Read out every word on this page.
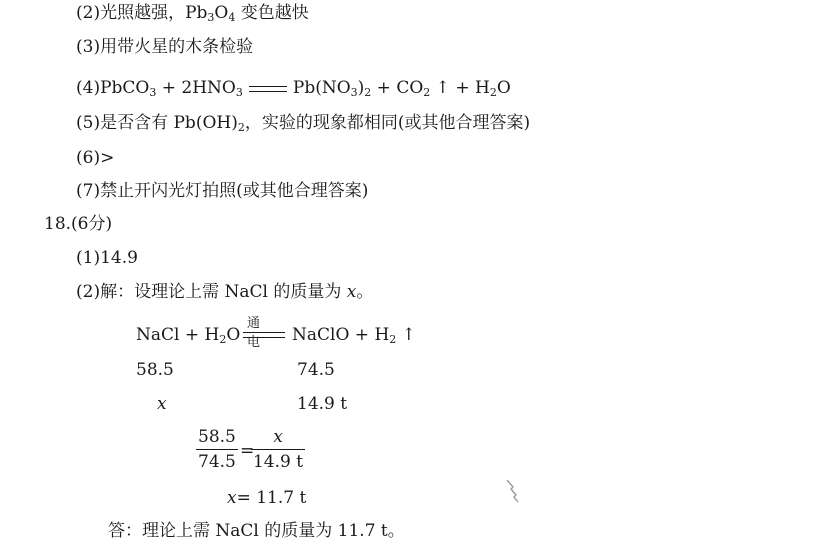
(2)光照越强，$Pb_3O_4$ 变色越快
(3)用带火星的木条检验
(4)PbCO$_3$ + $2HNO_3$	$Pb(NO_3)_2 + CO_2$ ↑ + $H_2O$
(5)是否含有 $Pb(OH)_2$，实验的现象都相同(或其他合理答案)
(6)>
(7)禁止开闪光灯拍照(或其他合理答案)
18.(6分)
(1)14.9
(2)解：设理论上需 NaCl 的质量为 x。
NaCl + $H_2O$
通电 NaClO + $H_2$ ↑
58.5	74.5
x	14.9 t
$\frac{58.5}{74.5}$ =
$\frac{x}{14.9 t}$
x= 11.7 t
答：理论上需 NaCl 的质量为 11.7 t。
